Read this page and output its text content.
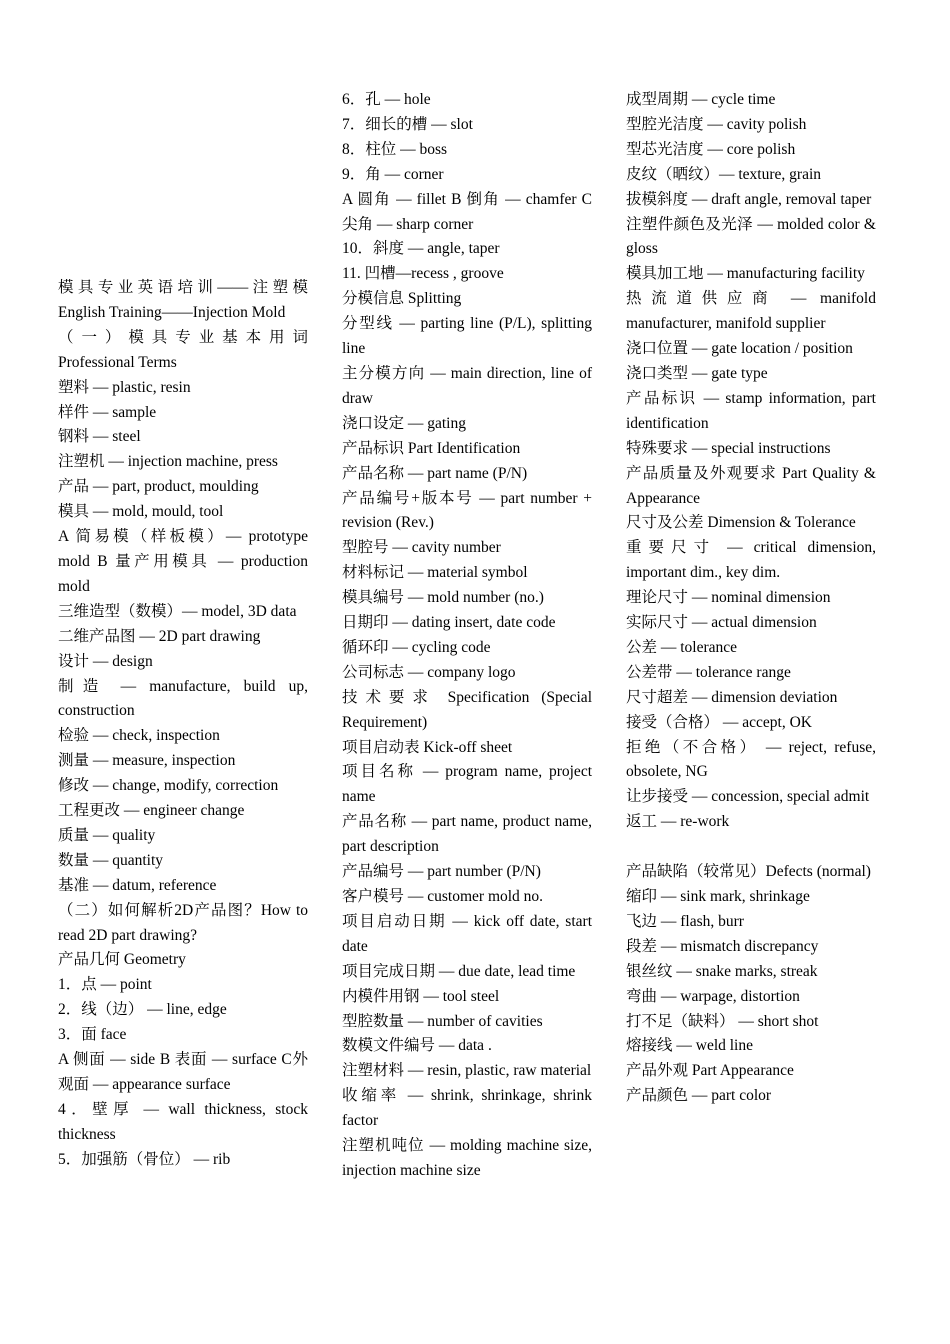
模具专业英语培训——注塑模 English Training——Injection Mold
（一）模具专业基本用词 Professional Terms
塑料 — plastic, resin
样件 — sample
钢料 — steel
注塑机 — injection machine, press
产品 — part, product, moulding
模具 — mold, mould, tool
A 简易模（样板模）— prototype mold B 量产用模具 — production mold
三维造型（数模）— model, 3D data
二维产品图 — 2D part drawing
设计 — design
制造 — manufacture, build up, construction
检验 — check, inspection
测量 — measure, inspection
修改 — change, modify, correction
工程更改 — engineer change
质量 — quality
数量 — quantity
基准 — datum, reference
（二）如何解析2D产品图？How to read 2D part drawing?
产品几何 Geometry
1．点 — point
2．线（边） — line, edge
3．面 face
A 侧面 — side B 表面 — surface C外观面 — appearance surface
4．壁厚 — wall thickness, stock thickness
5．加强筋（骨位） — rib
6．孔 — hole
7．细长的槽 — slot
8．柱位 — boss
9．角 — corner
A 圆角 — fillet B 倒角 — chamfer C 尖角 — sharp corner
10．斜度 — angle, taper
11. 凹槽—recess , groove
分模信息 Splitting
分型线 — parting line (P/L), splitting line
主分模方向 — main direction, line of draw
浇口设定 — gating
产品标识 Part Identification
产品名称 — part name (P/N)
产品编号+版本号 — part number + revision (Rev.)
型腔号 — cavity number
材料标记 — material symbol
模具编号 — mold number (no.)
日期印 — dating insert, date code
循环印 — cycling code
公司标志 — company logo
技术要求 Specification (Special Requirement)
项目启动表 Kick-off sheet
项目名称 — program name, project name
产品名称 — part name, product name, part description
产品编号 — part number (P/N)
客户模号 — customer mold no.
项目启动日期 — kick off date, start date
项目完成日期 — due date, lead time
内模件用钢 — tool steel
型腔数量 — number of cavities
数模文件编号 — data .
注塑材料 — resin, plastic, raw material
收缩率 — shrink, shrinkage, shrink factor
注塑机吨位 — molding machine size, injection machine size
成型周期 — cycle time
型腔光洁度 — cavity polish
型芯光洁度 — core polish
皮纹（晒纹）— texture, grain
拔模斜度 — draft angle, removal taper
注塑件颜色及光泽 — molded color & gloss
模具加工地 — manufacturing facility
热流道供应商 — manifold manufacturer, manifold supplier
浇口位置 — gate location / position
浇口类型 — gate type
产品标识 — stamp information, part identification
特殊要求 — special instructions
产品质量及外观要求 Part Quality & Appearance
尺寸及公差 Dimension & Tolerance
重要尺寸 — critical dimension, important dim., key dim.
理论尺寸 — nominal dimension
实际尺寸 — actual dimension
公差 — tolerance
公差带 — tolerance range
尺寸超差 — dimension deviation
接受（合格） — accept, OK
拒绝（不合格） — reject, refuse, obsolete, NG
让步接受 — concession, special admit
返工 — re-work
产品缺陷（较常见）Defects (normal)
缩印 — sink mark, shrinkage
飞边 — flash, burr
段差 — mismatch discrepancy
银丝纹 — snake marks, streak
弯曲 — warpage, distortion
打不足（缺料） — short shot
熔接线 — weld line
产品外观 Part Appearance
产品颜色 — part color
